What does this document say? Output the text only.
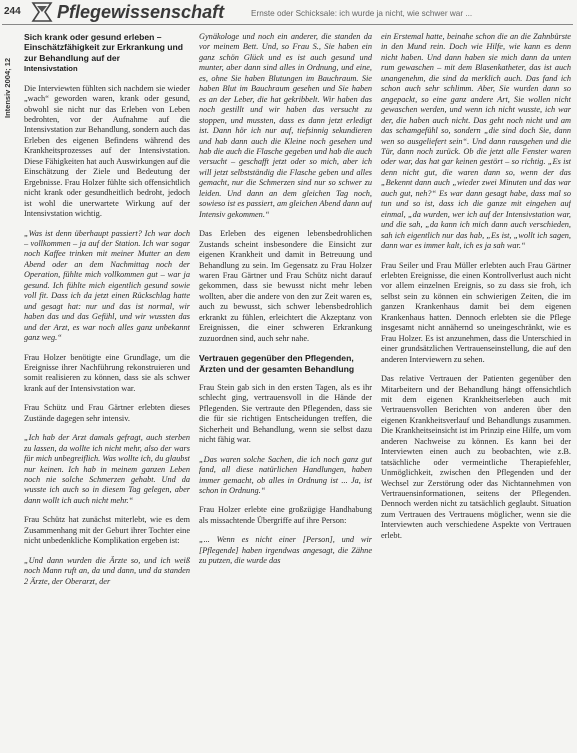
244 Pflegewissenschaft	Ernste oder Schicksale: ich wurde ja nicht, wie schwer war ...
Intensiv 2004; 12
Sich krank oder gesund erleben – Einschätzfähigkeit zur Erkrankung und zur Behandlung auf der
Intensivstation

Die Interviewten fühlten sich nachdem sie wieder „wach“ geworden waren, krank oder gesund, obwohl sie nicht nur das Erleben von Leben bedrohten, vor der Aufnahme auf die Intensivstation zur Behandlung, sondern auch das Erleben des eigenen Befindens während des Krankheitsprozesses auf der Intensivstation. Diese Fähigkeiten hat auch Auswirkungen auf die Einschätzung der Ziele und Bedeutung der Ergebnisse. Frau Holzer fühlte sich offensichtlich nicht krank oder gesundheitlich bedroht, jedoch ist wohl die unerwartete Wirkung auf der Intensivstation wichtig.

„Was ist denn überhaupt passiert? Ich war doch – vollkommen – ja auf der Station. Ich war sogar noch Kaffee trinken mit meiner Mutter an dem Abend oder an dem Nachmittag noch der Operation, fühlte mich vollkommen gut – war ja gesund. Ich fühlte mich eigentlich gesund sowie voll fit. Dass ich da jetzt einen Rückschlag hatte und gesagt hat: nur und das ist normal, wir haben das und das Gefühl, und wir wussten das und der Arzt, es war noch alles ganz unbekannt ganz weg.“

Frau Holzer benötigte eine Grundlage, um die Ereignisse ihrer Nachführung rekonstruieren und somit realisieren zu können, dass sie als schwer krank auf der Intensivstation war.

Frau Schütz und Frau Gärtner erlebten dieses Zustände dagegen sehr intensiv.

„Ich hab der Arzt damals gefragt, auch sterben zu lassen, da wollte ich nicht mehr, also der wars für mich unbegreiflich. Was wollte ich, du glaubst nur keinen. Ich hab in meinem ganzen Leben noch nie solche Schmerzen gehabt. Und da wusste ich auch so in diesem Tag gelegen, aber dann wollt ich auch nicht mehr.“

Frau Schütz hat zunächst miterlebt, wie es dem Zusammenhang mit der Geburt ihrer Tochter eine nicht unbedenkliche Komplikation ergeben ist:

„Und dann wurden die Ärzte so, und ich weiß noch Mann ruft an, da und dann, und da standen 2 Ärzte, der Oberarzt, der

Gynäkologe und noch ein anderer, die standen da vor meinem Bett. Und, so Frau S., Sie haben ein ganz schön Glück und es ist auch gesund und munter, aber dann sind alles in Ordnung, und eine, es, ohne Sie haben Blutungen im Bauchraum. Sie haben Blut im Bauchraum gesehen und Sie haben es an der Leber, die hat gekribbelt. Wir haben das noch gestillt und wir haben das versucht zu stoppen, und mussten, dass es dann jetzt erledigt ist. Dann hör ich nur auf, tiefsinnig sekundieren und hab dann auch die Kleine noch gesehen und hab die auch die Flasche gegeben und hab die auch versucht – geschafft jetzt oder so mich, aber ich will jetzt selbstständig die Flasche geben und alles gemacht, nur die Schmerzen sind nur so schwer zu leiden. Und dann an dem gleichen Tag noch, sowieso ist es passiert, am gleichen Abend dann auf Intensiv gekommen.“

Das Erleben des eigenen lebensbedrohlichen Zustands scheint insbesondere die Einsicht zur eigenen Krankheit und damit in Betreuung und Behandlung zu sein. Im Gegensatz zu Frau Holzer waren Frau Gärtner und Frau Schütz nicht darauf gekommen, dass sie bewusst nicht mehr leben wollten, aber die andere von den zur Zeit waren es, auch zu bewusst, sich schwer lebensbedrohlich erkrankt zu fühlen, erleichtert die Akzeptanz von Ereignissen, die einer schweren Erkrankung zuzuordnen sind, auch sehr nahe.

Vertrauen gegenüber den Pflegenden, Ärzten und der gesamten Behandlung

Frau Stein gab sich in den ersten Tagen, als es ihr schlecht ging, vertrauensvoll in die Hände der Pflegenden. Sie vertraute den Pflegenden, dass sie die für sie richtigen Entscheidungen treffen, die Sicherheit und Behandlung, wenn sie selbst dazu nicht fähig war.

„Das waren solche Sachen, die ich noch ganz gut fand, all diese natürlichen Handlungen, haben immer gemacht, ob alles in Ordnung ist ... Ja, ist schon in Ordnung.“

Frau Holzer erlebte eine großzügige Handhabung als missachtende Übergriffe auf ihre Person:

„... Wenn es nicht einer [Person], und wir [Pflegende] haben irgendwas angesagt, die Zähne zu putzen, die wurde das

ein Erstemal hatte, beinahe schon die an die Zahnbürste in den Mund rein. Doch wie Hilfe, wie kann es denn nicht haben. Und dann haben sie mich dann da unten rum gewaschen – mit dem Blasenkatheter, das ist auch unangenehm, die sind da merklich auch. Das fand ich schon auch sehr schlimm. Aber, Sie wurden dann so angepackt, so eine ganz andere Art, Sie wollen nicht gewaschen werden, und wenn ich nicht wusste, ich war der, die haben auch nicht. Das geht noch nicht und am das schamgefühl so, sondern „die sind doch Sie, dann wen so ausgeliefert sein“. Und dann rausgehen und die Tür, dann noch zurück. Ob die jetzt alle Fenster waren oder war, das hat gar keinen gestört – so richtig. „Es ist denn nicht gut, die waren dann so, wenn der das „Bekennt dann auch „wieder zwei Minuten und das war auch gut, neh?“ Es war dann gesagt habe, dass mal so tun und so ist, dass ich die ganze mit eingehen auf einmal, „da wurden, wer ich auf der Intensivstation war, und die sah, „da kann ich mich dann auch verschieden, sah ich eigentlich nur das hab, „Es ist, „wollt ich sagen, dann war es immer kalt, ich es ja sah war.“

Frau Seiler und Frau Müller erlebten auch Frau Gärtner erlebten Ereignisse, die einen Kontrollverlust auch nicht vor allem einzelnen Ereignis, so zu dass sie froh, ich selbst sein zu können ein schwierigen Zeiten, die im ganzen Krankenhaus damit bei dem eigenen Krankenhaus hatten. Dennoch erlebten sie die Pflege insgesamt nicht annähernd so uneingeschränkt, wie es Frau Holzer. Es ist anzunehmen, dass die Unterschied in einer grundsätzlichen Vertrauenseinstellung, die auf den anderen Interviewern zu sehen.

Das relative Vertrauen der Patienten gegenüber den Mitarbeitern und der Behandlung hängt offensichtlich mit dem eigenen Krankheitserleben auch mit Vertrauensvollen Berichten von anderen über den eigenen Krankheitsverlauf und Behandlungs zusammen. Die Krankheitseinsicht ist im Prinzip eine Hilfe, um vom anderen Nachweise zu können. Es kann bei der Interviewten einen auch zu beobachten, wie z.B. tatsächliche oder vermeintliche Therapiefehler, Unmöglichkeit, zwischen den Pflegenden und der Wechsel zur Zerstörung oder das Nichtannehmen von Vertrauensinformationen, seitens der Pflegenden. Dennoch werden nicht zu tatsächlich geglaubt. Situation zum Vertrauen des Vertrauens möglicher, wenn sie die Interviewten auch verschiedene Aspekte von Vertrauen erlebt.
